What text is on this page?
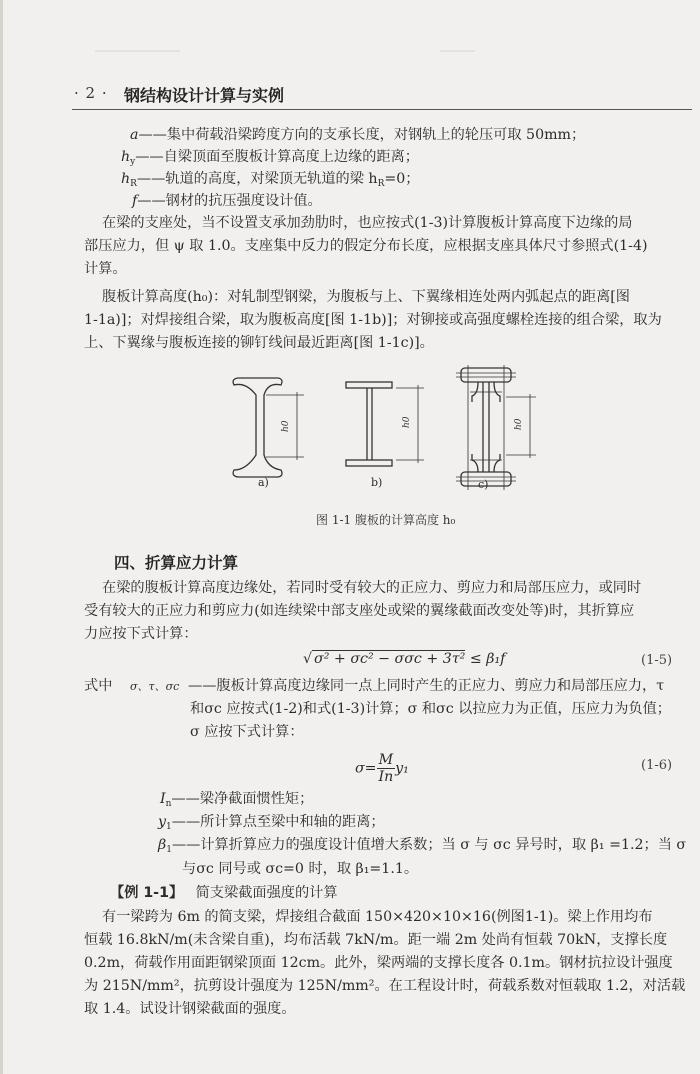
· 2 · 钢结构设计计算与实例
a——集中荷载沿梁跨度方向的支承长度，对钢轨上的轮压可取 50mm；
$h_y——$自梁顶面至腹板计算高度上边缘的距离；
$h_R——$轨道的高度，对梁顶无轨道的梁 $h_R=0$；
f——钢材的抗压强度设计值。
在梁的支座处，当不设置支承加劲肋时，也应按式(1-3)计算腹板计算高度下边缘的局
部压应力，但 ψ 取 1.0。支座集中反力的假定分布长度，应根据支座具体尺寸参照式(1-4)
计算。
腹板计算高度(h₀)：对轧制型钢梁，为腹板与上、下翼缘相连处两内弧起点的距离[图
1-1a)]；对焊接组合梁，取为腹板高度[图 1-1b)]；对铆接或高强度螺栓连接的组合梁，取为
上、下翼缘与腹板连接的铆钉线间最近距离[图 1-1c)]。
h0	h0	h0
a)	b)	c)
图 1-1 腹板的计算高度 h₀
四、折算应力计算
在梁的腹板计算高度边缘处，若同时受有较大的正应力、剪应力和局部压应力，或同时
受有较大的正应力和剪应力(如连续梁中部支座处或梁的翼缘截面改变处等)时，其折算应
力应按下式计算：
√ σ² + σc² − σσc + 3τ² ≤ β₁f	(1-5)
式中 σ、τ、σc ——腹板计算高度边缘同一点上同时产生的正应力、剪应力和局部压应力，τ
和σc 应按式(1-2)和式(1-3)计算；σ 和σc 以拉应力为正值，压应力为负值；
σ 应按下式计算：
$\sigma= \frac{M}{In} y_1$	(1-6)
$I_n——$梁净截面惯性矩；
$y_1——$所计算点至梁中和轴的距离；
$\beta_1——$计算折算应力的强度设计值增大系数；当 σ 与 σc 异号时，取 β₁ =1.2；当 σ
与σc 同号或 σc=0 时，取 β₁=1.1。
【例 1-1】 简支梁截面强度的计算
有一梁跨为 6m 的简支梁，焊接组合截面 150×420×10×16(例图1-1)。梁上作用均布
恒载 16.8kN/m(未含梁自重)，均布活载 7kN/m。距一端 2m 处尚有恒载 70kN，支撑长度
0.2m，荷载作用面距钢梁顶面 12cm。此外，梁两端的支撑长度各 0.1m。钢材抗拉设计强度
为 215N/mm²，抗剪设计强度为 125N/mm²。在工程设计时，荷载系数对恒载取 1.2，对活载
取 1.4。试设计钢梁截面的强度。
